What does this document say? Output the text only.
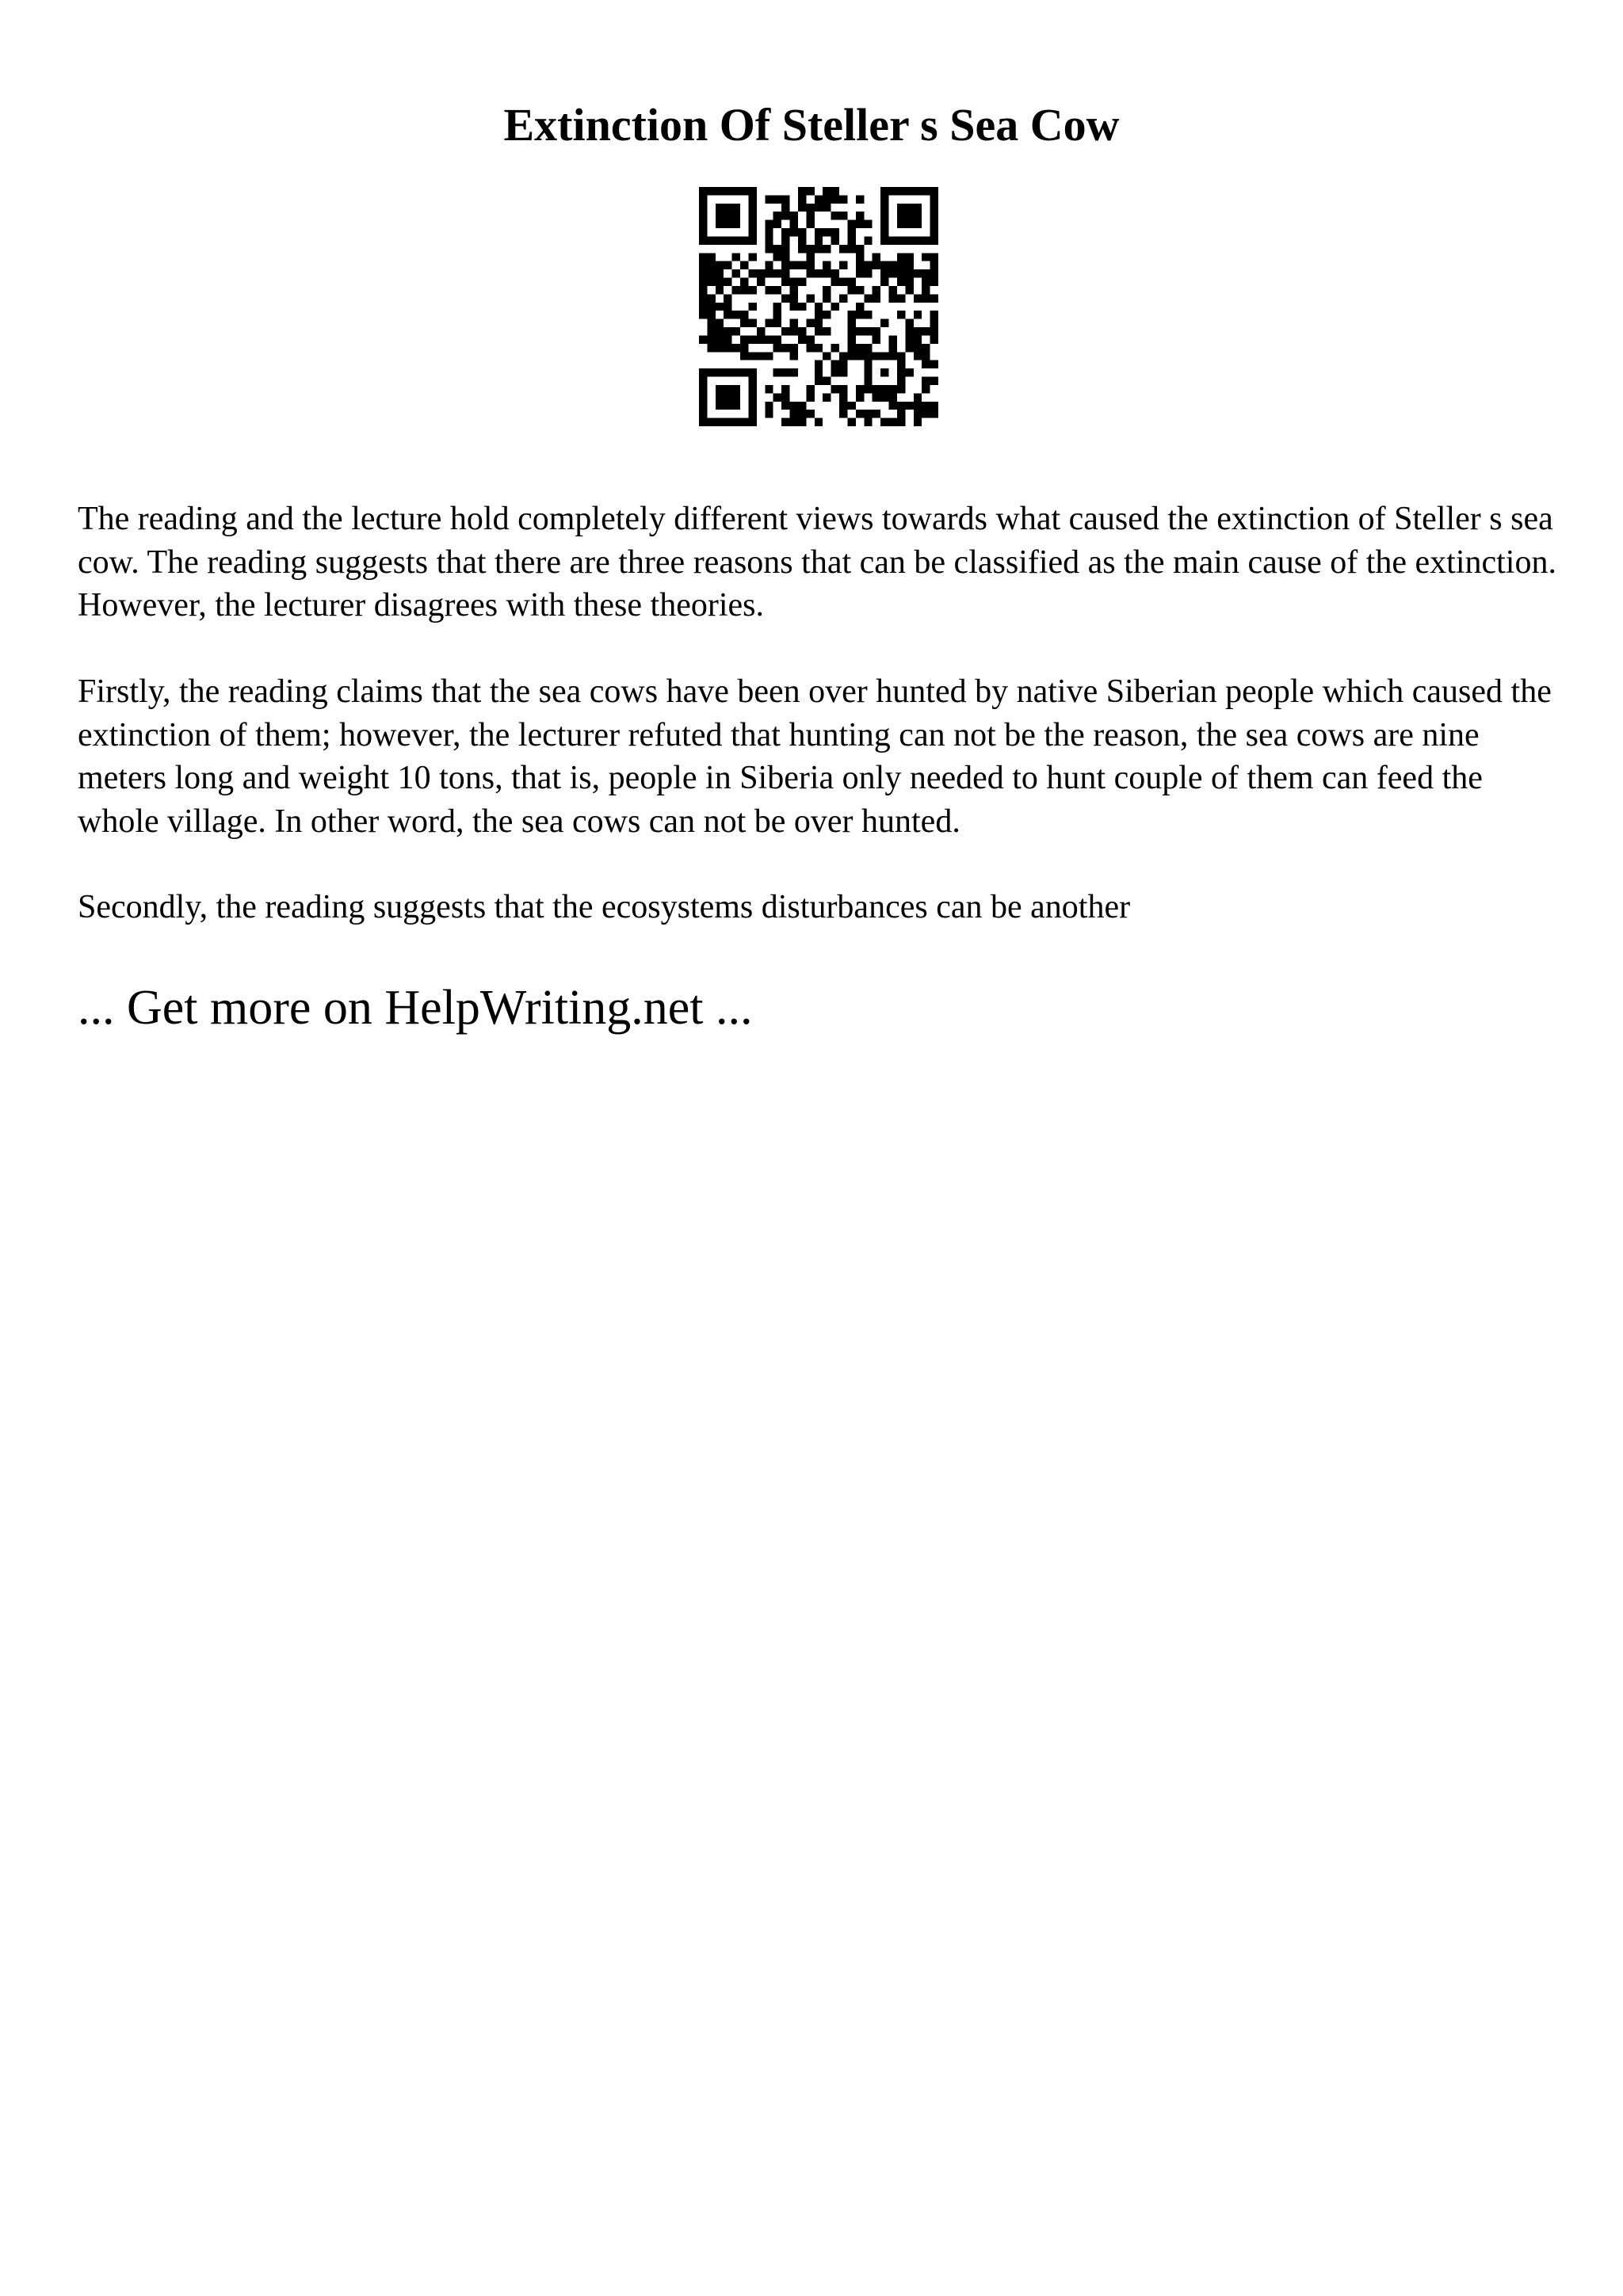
Extinction Of Steller s Sea Cow

The reading and the lecture hold completely different views towards what caused the extinction of Steller s sea cow. The reading suggests that there are three reasons that can be classified as the main cause of the extinction. However, the lecturer disagrees with these theories.

Firstly, the reading claims that the sea cows have been over hunted by native Siberian people which caused the extinction of them; however, the lecturer refuted that hunting can not be the reason, the sea cows are nine meters long and weight 10 tons, that is, people in Siberia only needed to hunt couple of them can feed the whole village. In other word, the sea cows can not be over hunted.

Secondly, the reading suggests that the ecosystems disturbances can be another

... Get more on HelpWriting.net ...
